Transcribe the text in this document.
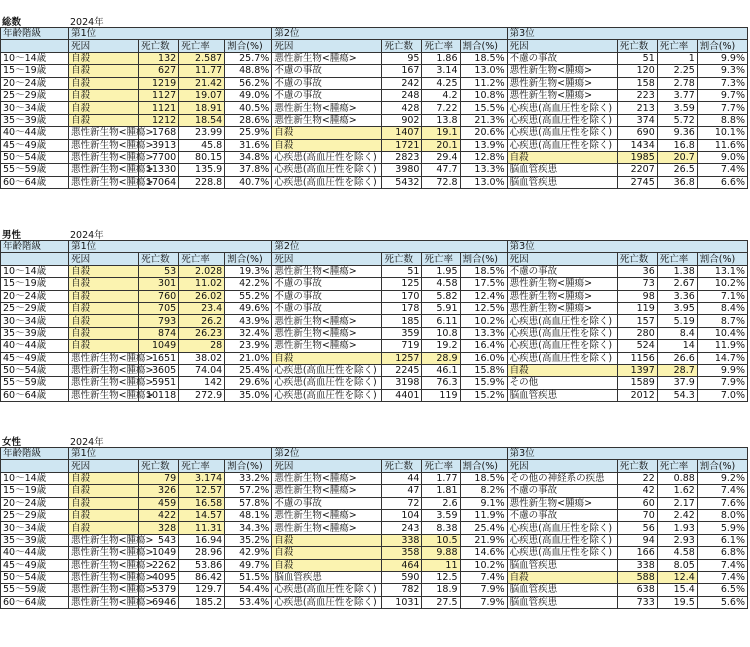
総数	2024年
年齢階級	第1位				第2位				第3位			
	死因	死亡数	死亡率	割合(%)	死因	死亡数	死亡率	割合(%)	死因	死亡数	死亡率	割合(%)
10～14歳	自殺	132	2.587	25.7%	悪性新生物<腫瘍>	95	1.86	18.5%	不慮の事故	51	1	9.9%
15～19歳	自殺	627	11.77	48.8%	不慮の事故	167	3.14	13.0%	悪性新生物<腫瘍>	120	2.25	9.3%
20～24歳	自殺	1219	21.42	56.2%	不慮の事故	242	4.25	11.2%	悪性新生物<腫瘍>	158	2.78	7.3%
25～29歳	自殺	1127	19.07	49.0%	不慮の事故	248	4.2	10.8%	悪性新生物<腫瘍>	223	3.77	9.7%
30～34歳	自殺	1121	18.91	40.5%	悪性新生物<腫瘍>	428	7.22	15.5%	心疾患(高血圧性を除く)	213	3.59	7.7%
35～39歳	自殺	1212	18.54	28.6%	悪性新生物<腫瘍>	902	13.8	21.3%	心疾患(高血圧性を除く)	374	5.72	8.8%
40～44歳	悪性新生物<腫瘍>	1768	23.99	25.9%	自殺	1407	19.1	20.6%	心疾患(高血圧性を除く)	690	9.36	10.1%
45～49歳	悪性新生物<腫瘍>	3913	45.8	31.6%	自殺	1721	20.1	13.9%	心疾患(高血圧性を除く)	1434	16.8	11.6%
50～54歳	悪性新生物<腫瘍>	7700	80.15	34.8%	心疾患(高血圧性を除く)	2823	29.4	12.8%	自殺	1985	20.7	9.0%
55～59歳	悪性新生物<腫瘍>	11330	135.9	37.8%	心疾患(高血圧性を除く)	3980	47.7	13.3%	脳血管疾患	2207	26.5	7.4%
60～64歳	悪性新生物<腫瘍>	17064	228.8	40.7%	心疾患(高血圧性を除く)	5432	72.8	13.0%	脳血管疾患	2745	36.8	6.6%
男性	2024年
年齢階級	第1位				第2位				第3位			
	死因	死亡数	死亡率	割合(%)	死因	死亡数	死亡率	割合(%)	死因	死亡数	死亡率	割合(%)
10～14歳	自殺	53	2.028	19.3%	悪性新生物<腫瘍>	51	1.95	18.5%	不慮の事故	36	1.38	13.1%
15～19歳	自殺	301	11.02	42.2%	不慮の事故	125	4.58	17.5%	悪性新生物<腫瘍>	73	2.67	10.2%
20～24歳	自殺	760	26.02	55.2%	不慮の事故	170	5.82	12.4%	悪性新生物<腫瘍>	98	3.36	7.1%
25～29歳	自殺	705	23.4	49.6%	不慮の事故	178	5.91	12.5%	悪性新生物<腫瘍>	119	3.95	8.4%
30～34歳	自殺	793	26.2	43.9%	悪性新生物<腫瘍>	185	6.11	10.2%	心疾患(高血圧性を除く)	157	5.19	8.7%
35～39歳	自殺	874	26.23	32.4%	悪性新生物<腫瘍>	359	10.8	13.3%	心疾患(高血圧性を除く)	280	8.4	10.4%
40～44歳	自殺	1049	28	23.9%	悪性新生物<腫瘍>	719	19.2	16.4%	心疾患(高血圧性を除く)	524	14	11.9%
45～49歳	悪性新生物<腫瘍>	1651	38.02	21.0%	自殺	1257	28.9	16.0%	心疾患(高血圧性を除く)	1156	26.6	14.7%
50～54歳	悪性新生物<腫瘍>	3605	74.04	25.4%	心疾患(高血圧性を除く)	2245	46.1	15.8%	自殺	1397	28.7	9.9%
55～59歳	悪性新生物<腫瘍>	5951	142	29.6%	心疾患(高血圧性を除く)	3198	76.3	15.9%	その他	1589	37.9	7.9%
60～64歳	悪性新生物<腫瘍>	10118	272.9	35.0%	心疾患(高血圧性を除く)	4401	119	15.2%	脳血管疾患	2012	54.3	7.0%
女性	2024年
年齢階級	第1位				第2位				第3位			
	死因	死亡数	死亡率	割合(%)	死因	死亡数	死亡率	割合(%)	死因	死亡数	死亡率	割合(%)
10～14歳	自殺	79	3.174	33.2%	悪性新生物<腫瘍>	44	1.77	18.5%	その他の神経系の疾患	22	0.88	9.2%
15～19歳	自殺	326	12.57	57.2%	悪性新生物<腫瘍>	47	1.81	8.2%	不慮の事故	42	1.62	7.4%
20～24歳	自殺	459	16.58	57.8%	不慮の事故	72	2.6	9.1%	悪性新生物<腫瘍>	60	2.17	7.6%
25～29歳	自殺	422	14.57	48.1%	悪性新生物<腫瘍>	104	3.59	11.9%	不慮の事故	70	2.42	8.0%
30～34歳	自殺	328	11.31	34.3%	悪性新生物<腫瘍>	243	8.38	25.4%	心疾患(高血圧性を除く)	56	1.93	5.9%
35～39歳	悪性新生物<腫瘍>	543	16.94	35.2%	自殺	338	10.5	21.9%	心疾患(高血圧性を除く)	94	2.93	6.1%
40～44歳	悪性新生物<腫瘍>	1049	28.96	42.9%	自殺	358	9.88	14.6%	心疾患(高血圧性を除く)	166	4.58	6.8%
45～49歳	悪性新生物<腫瘍>	2262	53.86	49.7%	自殺	464	11	10.2%	脳血管疾患	338	8.05	7.4%
50～54歳	悪性新生物<腫瘍>	4095	86.42	51.5%	脳血管疾患	590	12.5	7.4%	自殺	588	12.4	7.4%
55～59歳	悪性新生物<腫瘍>	5379	129.7	54.4%	心疾患(高血圧性を除く)	782	18.9	7.9%	脳血管疾患	638	15.4	6.5%
60～64歳	悪性新生物<腫瘍>	6946	185.2	53.4%	心疾患(高血圧性を除く)	1031	27.5	7.9%	脳血管疾患	733	19.5	5.6%
